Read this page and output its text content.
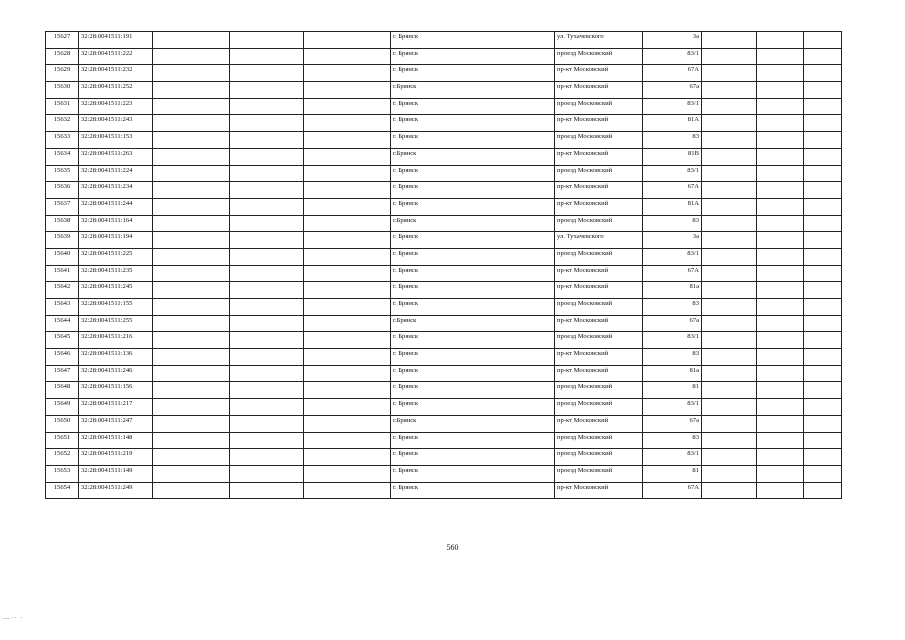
15627	32:28:0041511:191				г. Брянск	ул. Тухачевского	3а			
15628	32:28:0041511:222				г. Брянск	проезд Московский	83/1			
15629	32:28:0041511:232				г. Брянск	пр-кт Московский	67А			
15630	32:28:0041511:252				г.Брянск	пр-кт Московский	67а			
15631	32:28:0041511:223				г. Брянск	проезд Московский	83/1			
15632	32:28:0041511:243				г. Брянск	пр-кт Московский	81А			
15633	32:28:0041511:153				г. Брянск	проезд Московский	83			
15634	32:28:0041511:263				г.Брянск	пр-кт Московский	81В			
15635	32:28:0041511:224				г. Брянск	проезд Московский	83/1			
15636	32:28:0041511:234				г. Брянск	пр-кт Московский	67А			
15637	32:28:0041511:244				г. Брянск	пр-кт Московский	81А			
15638	32:28:0041511:164				г.Брянск	проезд Московский	83			
15639	32:28:0041511:194				г. Брянск	ул. Тухачевского	3а			
15640	32:28:0041511:225				г. Брянск	проезд Московский	83/1			
15641	32:28:0041511:235				г. Брянск	пр-кт Московский	67А			
15642	32:28:0041511:245				г. Брянск	пр-кт Московский	81а			
15643	32:28:0041511:155				г. Брянск	проезд Московский	83			
15644	32:28:0041511:255				г.Брянск	пр-кт Московский	67а			
15645	32:28:0041511:216				г. Брянск	проезд Московский	83/1			
15646	32:28:0041511:136				г. Брянск	пр-кт Московский	83			
15647	32:28:0041511:246				г. Брянск	пр-кт Московский	81а			
15648	32:28:0041511:156				г. Брянск	проезд Московский	81			
15649	32:28:0041511:217				г. Брянск	проезд Московский	83/1			
15650	32:28:0041511:247				г.Брянск	пр-кт Московский	67а			
15651	32:28:0041511:148				г. Брянск	проезд Московский	83			
15652	32:28:0041511:219				г. Брянск	проезд Московский	83/1			
15653	32:28:0041511:149				г. Брянск	проезд Московский	81			
15654	32:28:0041511:249				г. Брянск	пр-кт Московский	67А			
560
—·· ·
